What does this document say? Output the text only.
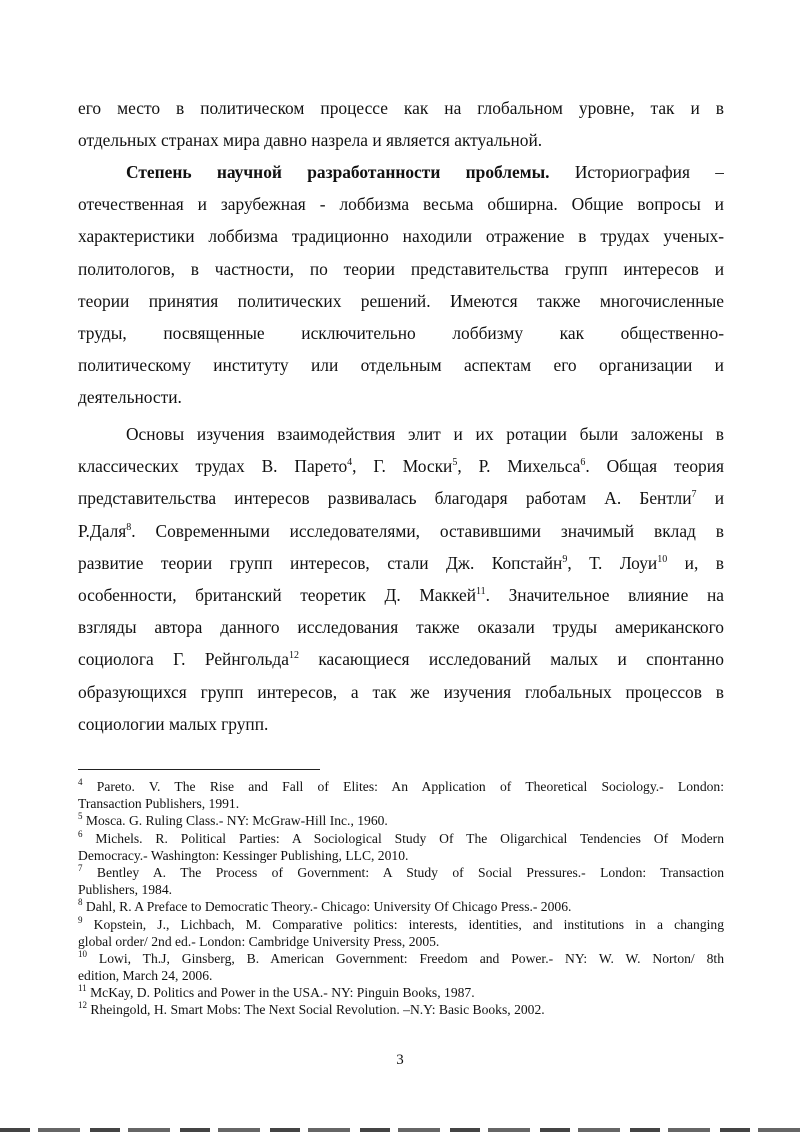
его место в политическом процессе как на глобальном уровне, так и в
отдельных странах мира давно назрела и является актуальной.
Степень научной разработанности проблемы. Историография –
отечественная и зарубежная - лоббизма весьма обширна. Общие вопросы и
характеристики лоббизма традиционно находили отражение в трудах ученых-
политологов, в частности, по теории представительства групп интересов и
теории принятия политических решений. Имеются также многочисленные
труды, посвященные исключительно лоббизму как общественно-
политическому институту или отдельным аспектам его организации и
деятельности.
Основы изучения взаимодействия элит и их ротации были заложены в
классических трудах В. Парето$^4$, Г. Моски$^5$, Р. Михельса$^6$. Общая теория
представительства интересов развивалась благодаря работам А. Бентли$^7$ и
Р.Даля$^8$. Современными исследователями, оставившими значимый вклад в
развитие теории групп интересов, стали Дж. Копстайн$^9$, Т. Лоуи$^{10}$ и, в
особенности, британский теоретик Д. Маккей$^{11}$. Значительное влияние на
взгляды автора данного исследования также оказали труды американского
социолога Г. Рейнгольда$^{12}$ касающиеся исследований малых и спонтанно
образующихся групп интересов, а так же изучения глобальных процессов в
социологии малых групп.
$^4$ Pareto. V. The Rise and Fall of Elites: An Application of Theoretical Sociology.- London:
Transaction Publishers, 1991.
$^5$ Mosca. G. Ruling Class.- NY: McGraw-Hill Inc., 1960.
$^6$ Michels. R. Political Parties: A Sociological Study Of The Oligarchical Tendencies Of Modern
Democracy.- Washington: Kessinger Publishing, LLC, 2010.
$^7$ Bentley A. The Process of Government: A Study of Social Pressures.- London: Transaction
Publishers, 1984.
$^8$ Dahl, R. A Preface to Democratic Theory.- Chicago: University Of Chicago Press.- 2006.
$^9$ Kopstein, J., Lichbach, M. Comparative politics: interests, identities, and institutions in a changing
global order/ 2nd ed.- London: Cambridge University Press, 2005.
$^{10}$ Lowi, Th.J, Ginsberg, B. American Government: Freedom and Power.- NY: W. W. Norton/ 8th
edition, March 24, 2006.
$^{11}$ McKay, D. Politics and Power in the USA.- NY: Pinguin Books, 1987.
$^{12}$ Rheingold, H. Smart Mobs: The Next Social Revolution. –N.Y: Basic Books, 2002.
3
